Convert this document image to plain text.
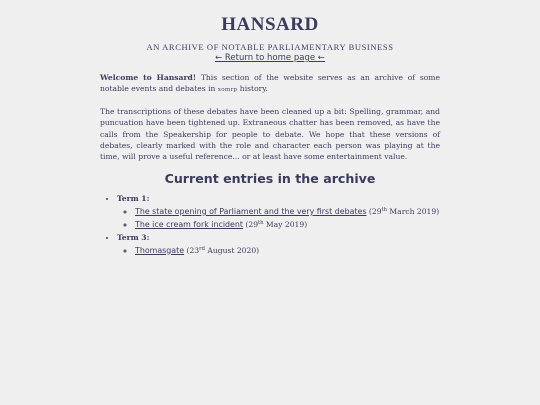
HANSARD
AN ARCHIVE OF NOTABLE PARLIAMENTARY BUSINESS
← Return to home page ←

Welcome to Hansard! This section of the website serves as an archive of some notable events and debates in xomrp history.

The transcriptions of these debates have been cleaned up a bit: Spelling, grammar, and puncuation have been tightened up. Extraneous chatter has been removed, as have the calls from the Speakership for people to debate. We hope that these versions of debates, clearly marked with the role and character each person was playing at the time, will prove a useful reference... or at least have some entertainment value.

Current entries in the archive
• Term 1:
◦ The state opening of Parliament and the very first debates (29th March 2019)
◦ The ice cream fork incident (29th May 2019)
• Term 3:
◦ Thomasgate (23rd August 2020)
